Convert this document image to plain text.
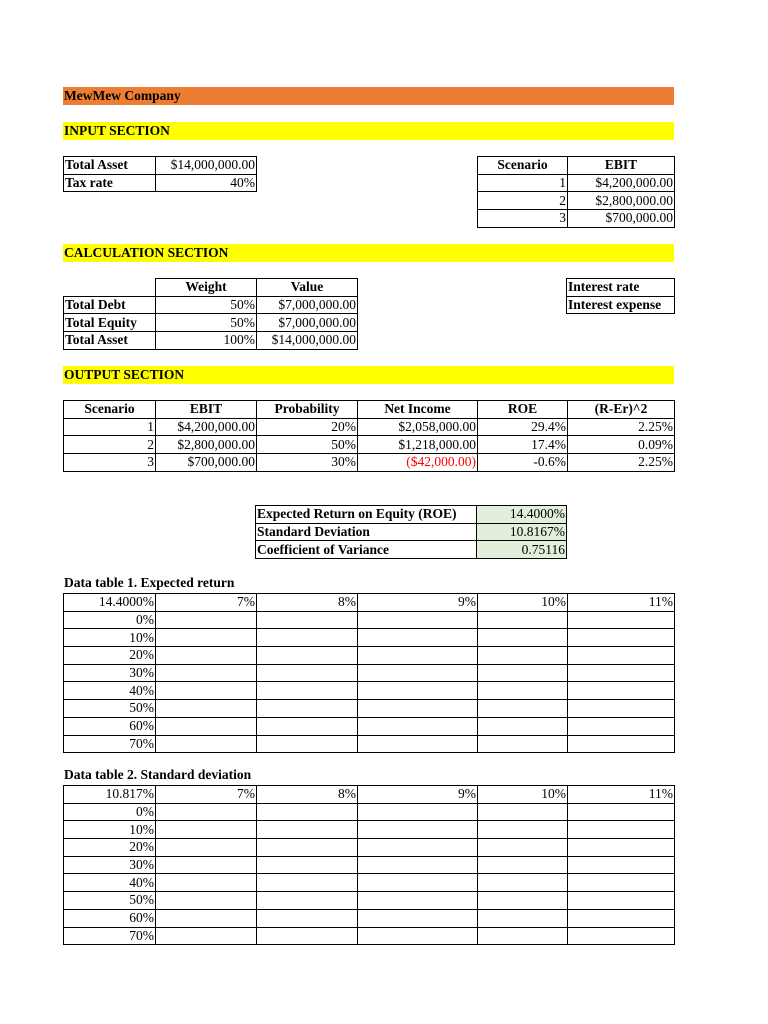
MewMew Company
INPUT SECTION
Total Asset	$14,000,000.00
Tax rate	40%
Scenario	EBIT
1	$4,200,000.00
2	$2,800,000.00
3	$700,000.00
CALCULATION SECTION
	Weight	Value
Total Debt	50%	$7,000,000.00
Total Equity	50%	$7,000,000.00
Total Asset	100%	$14,000,000.00
Interest rate
Interest expense
OUTPUT SECTION
Scenario	EBIT	Probability	Net Income	ROE	(R-Er)^2
1	$4,200,000.00	20%	$2,058,000.00	29.4%	2.25%
2	$2,800,000.00	50%	$1,218,000.00	17.4%	0.09%
3	$700,000.00	30%	($42,000.00)	-0.6%	2.25%
Expected Return on Equity (ROE)	14.4000%
Standard Deviation	10.8167%
Coefficient of Variance	0.75116
Data table 1. Expected return
14.4000%	7%	8%	9%	10%	11%
0%					
10%					
20%					
30%					
40%					
50%					
60%					
70%					
Data table 2. Standard deviation
10.817%	7%	8%	9%	10%	11%
0%					
10%					
20%					
30%					
40%					
50%					
60%					
70%					
